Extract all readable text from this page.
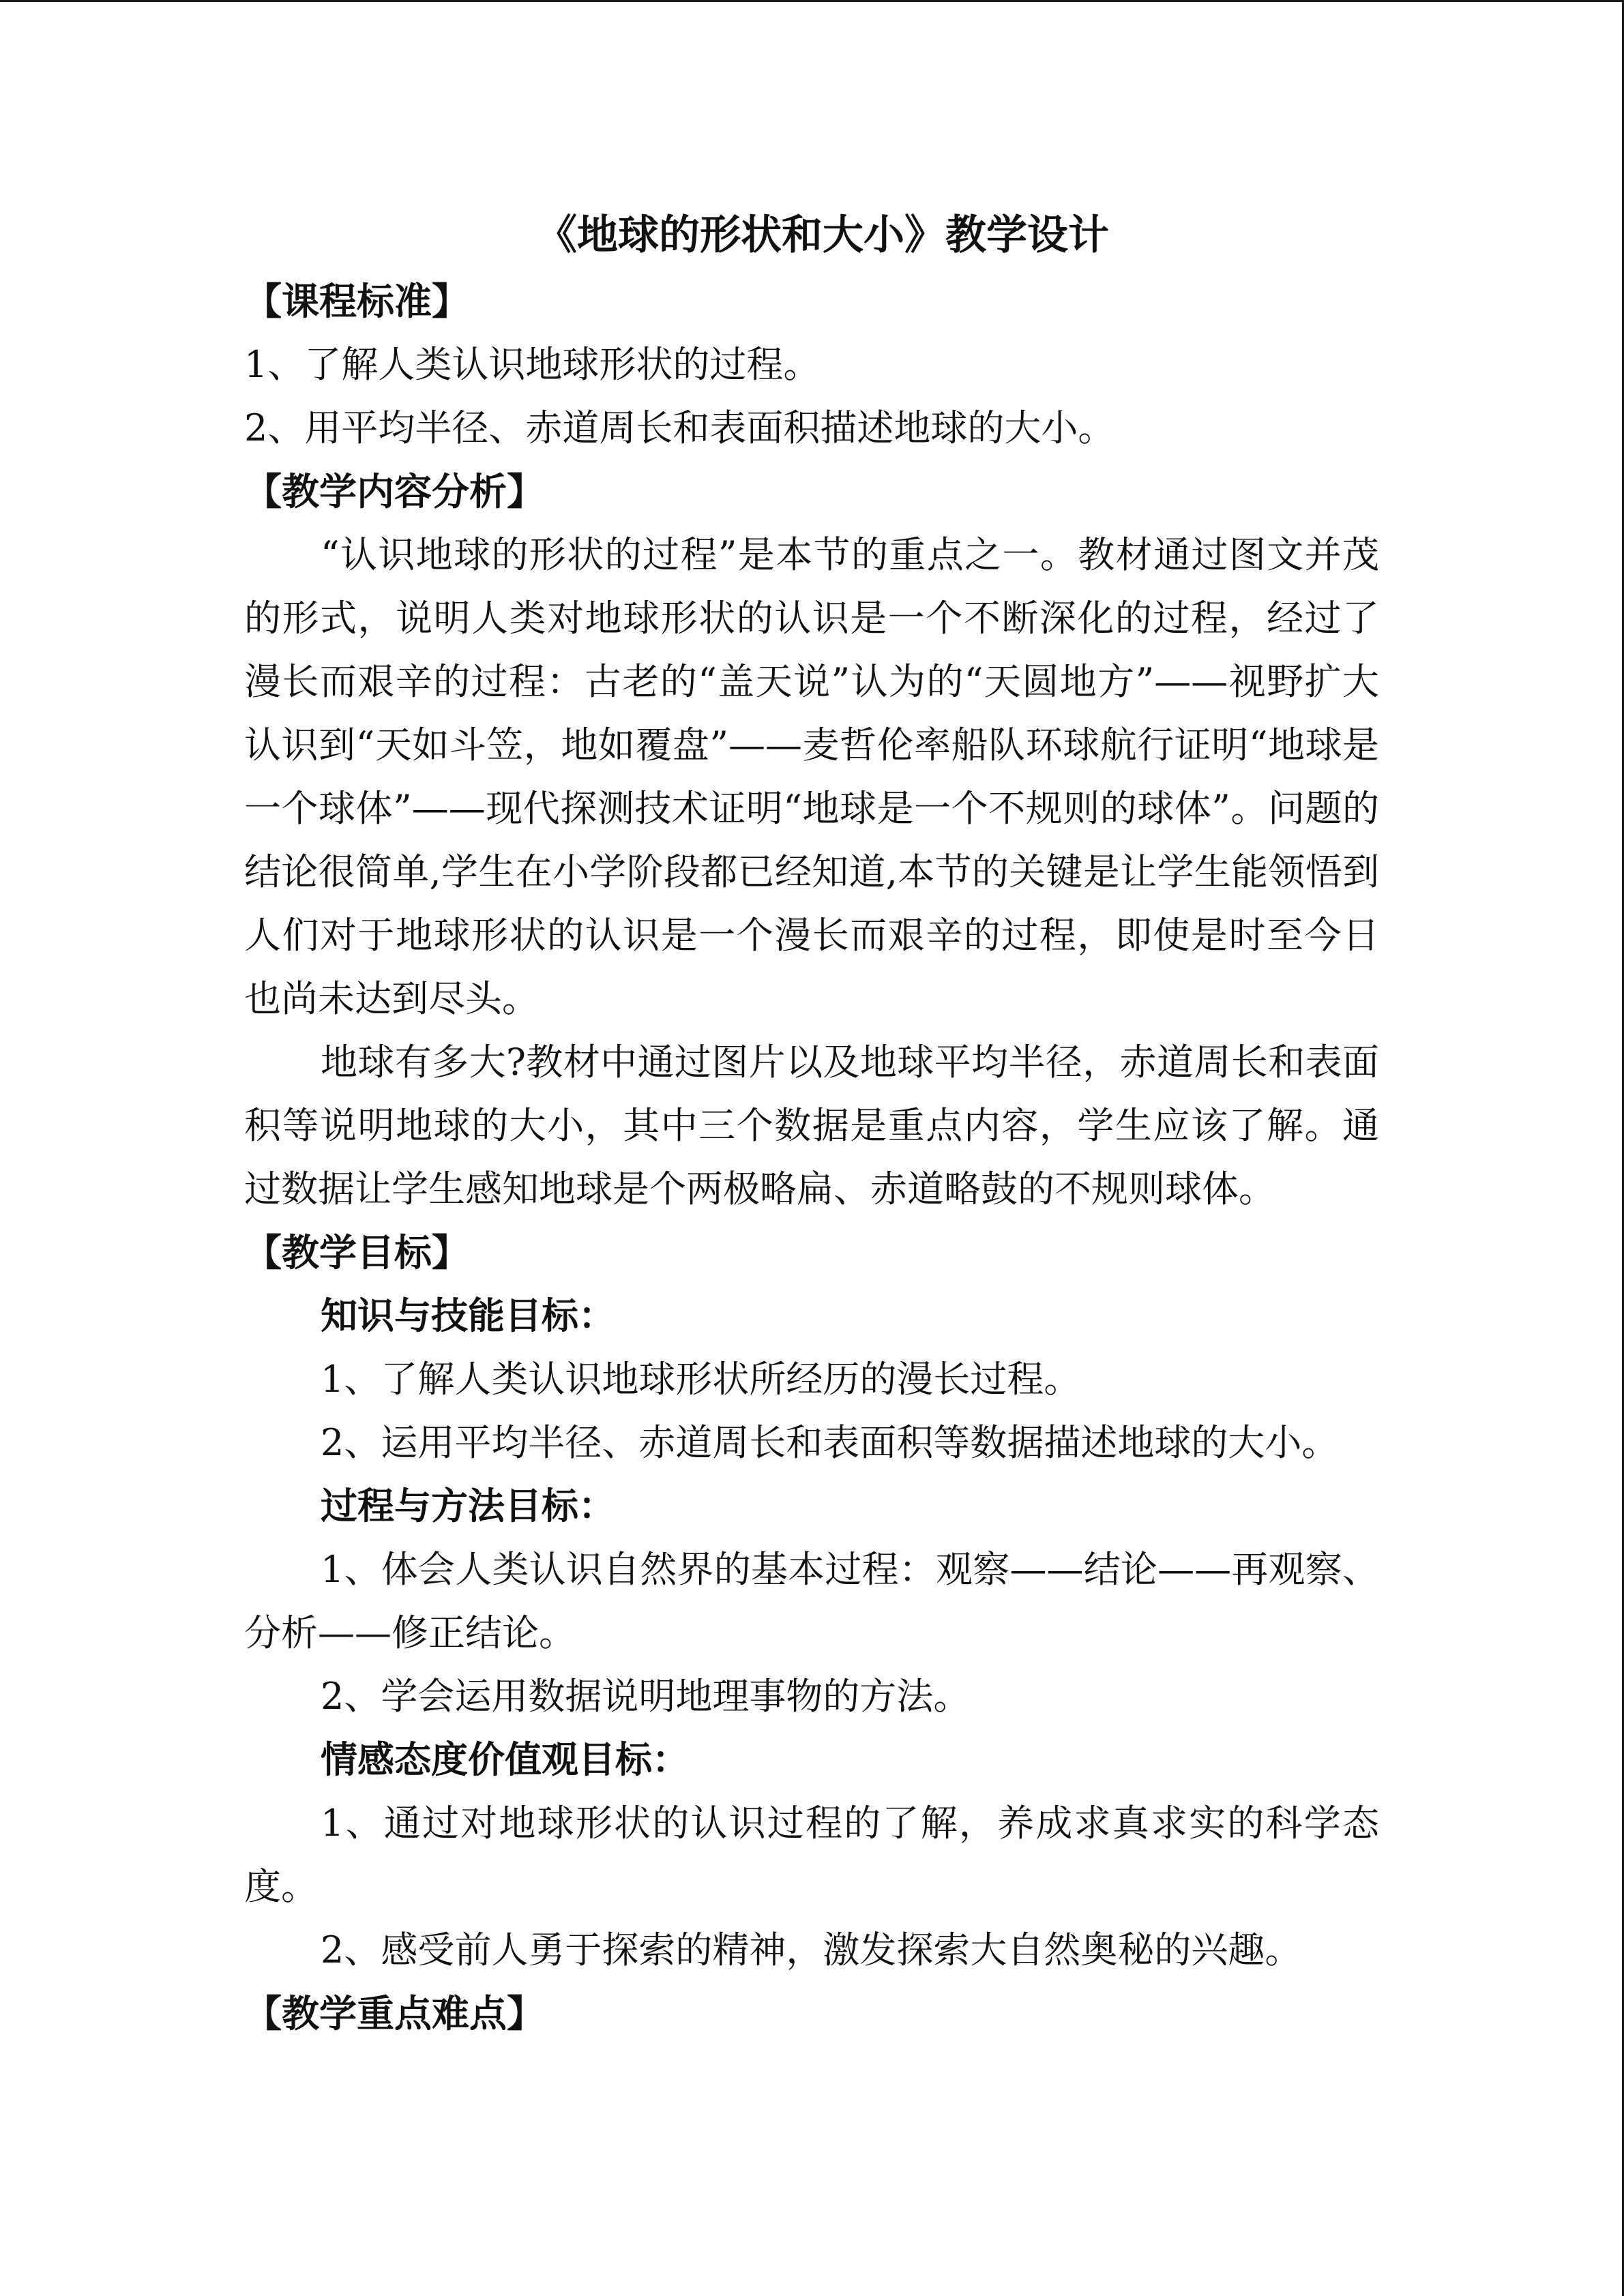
《地球的形状和大小》教学设计
【课程标准】
1、了解人类认识地球形状的过程。
2、用平均半径、赤道周长和表面积描述地球的大小。
【教学内容分析】
“认识地球的形状的过程”是本节的重点之一。教材通过图文并茂的形式，说明人类对地球形状的认识是一个不断深化的过程，经过了漫长而艰辛的过程：古老的“盖天说”认为的“天圆地方”——视野扩大认识到“天如斗笠，地如覆盘”——麦哲伦率船队环球航行证明“地球是一个球体”——现代探测技术证明“地球是一个不规则的球体”。问题的结论很简单,学生在小学阶段都已经知道,本节的关键是让学生能领悟到人们对于地球形状的认识是一个漫长而艰辛的过程，即使是时至今日也尚未达到尽头。
地球有多大?教材中通过图片以及地球平均半径，赤道周长和表面积等说明地球的大小，其中三个数据是重点内容，学生应该了解。通过数据让学生感知地球是个两极略扁、赤道略鼓的不规则球体。
【教学目标】
知识与技能目标：
1、了解人类认识地球形状所经历的漫长过程。
2、运用平均半径、赤道周长和表面积等数据描述地球的大小。
过程与方法目标：
1、体会人类认识自然界的基本过程：观察——结论——再观察、分析——修正结论。
2、学会运用数据说明地理事物的方法。
情感态度价值观目标：
1、通过对地球形状的认识过程的了解，养成求真求实的科学态度。
2、感受前人勇于探索的精神，激发探索大自然奥秘的兴趣。
【教学重点难点】
